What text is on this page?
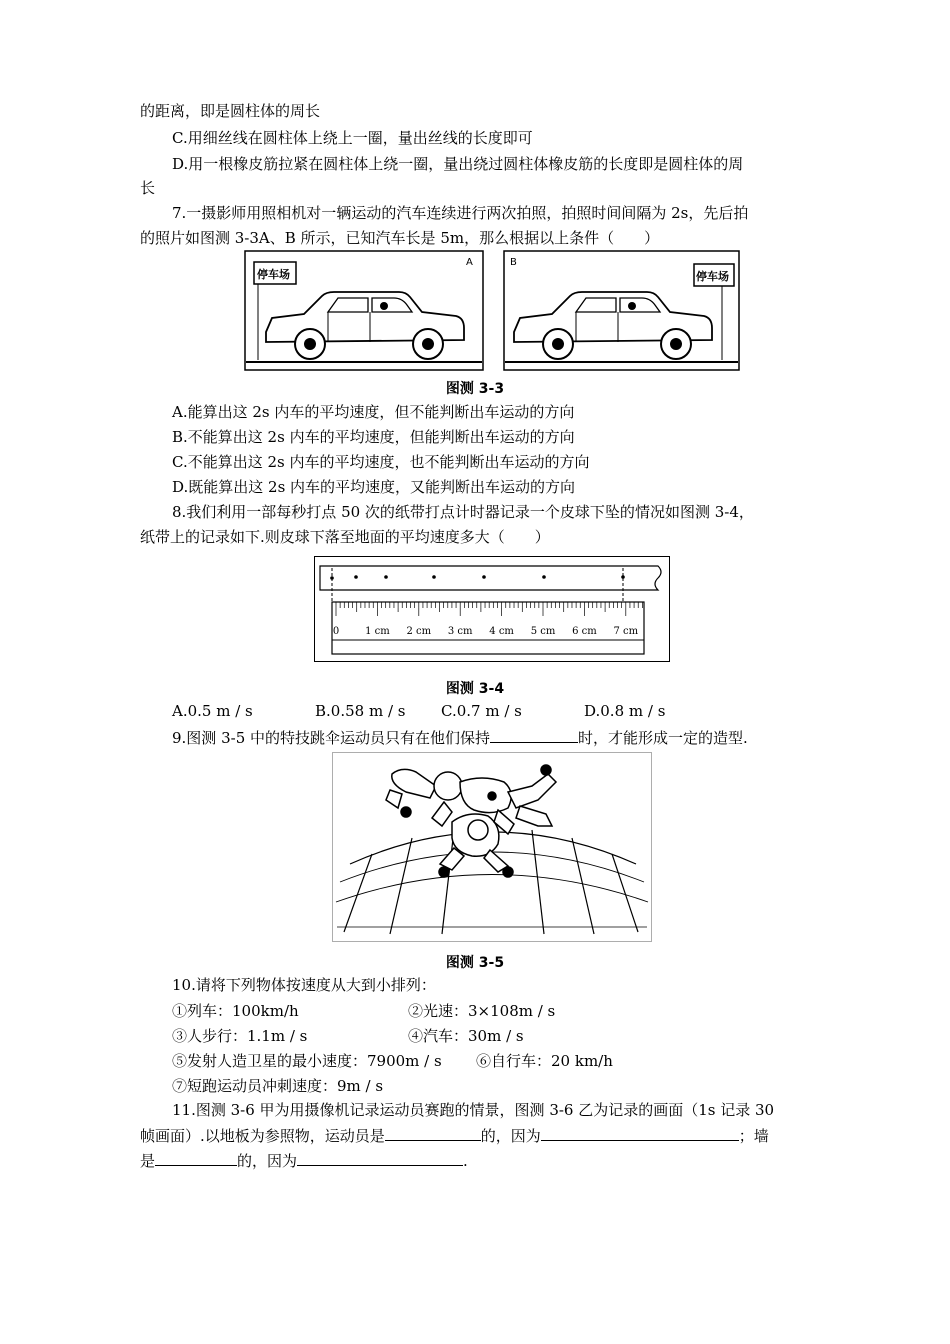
的距离，即是圆柱体的周长
C.用细丝线在圆柱体上绕上一圈，量出丝线的长度即可
D.用一根橡皮筋拉紧在圆柱体上绕一圈，量出绕过圆柱体橡皮筋的长度即是圆柱体的周
长
7.一摄影师用照相机对一辆运动的汽车连续进行两次拍照，拍照时间间隔为 2s，先后拍
的照片如图测 3-3A、B 所示，已知汽车长是 5m，那么根据以上条件（　　）
停车场
A
停车场
B
图测 3-3
A.能算出这 2s 内车的平均速度，但不能判断出车运动的方向
B.不能算出这 2s 内车的平均速度，但能判断出车运动的方向
C.不能算出这 2s 内车的平均速度，也不能判断出车运动的方向
D.既能算出这 2s 内车的平均速度，又能判断出车运动的方向
8.我们利用一部每秒打点 50 次的纸带打点计时器记录一个皮球下坠的情况如图测 3-4，
纸带上的记录如下.则皮球下落至地面的平均速度多大（　　）
0	1 cm 2 cm 3 cm 4 cm 5 cm 6 cm 7 cm
图测 3-4
A.0.5 m / s	B.0.58 m / s C.0.7 m / s	D.0.8 m / s
9.图测 3-5 中的特技跳伞运动员只有在他们保持	时，才能形成一定的造型.
图测 3-5
10.请将下列物体按速度从大到小排列：
①列车：100km/h	②光速：3×108m / s
③人步行：1.1m / s	④汽车：30m / s
⑤发射人造卫星的最小速度：7900m / s ⑥自行车：20 km/h
⑦短跑运动员冲刺速度：9m / s
11.图测 3-6 甲为用摄像机记录运动员赛跑的情景，图测 3-6 乙为记录的画面（1s 记录 30
帧画面）.以地板为参照物，运动员是	的，因为	；墙
是	的，因为	.
